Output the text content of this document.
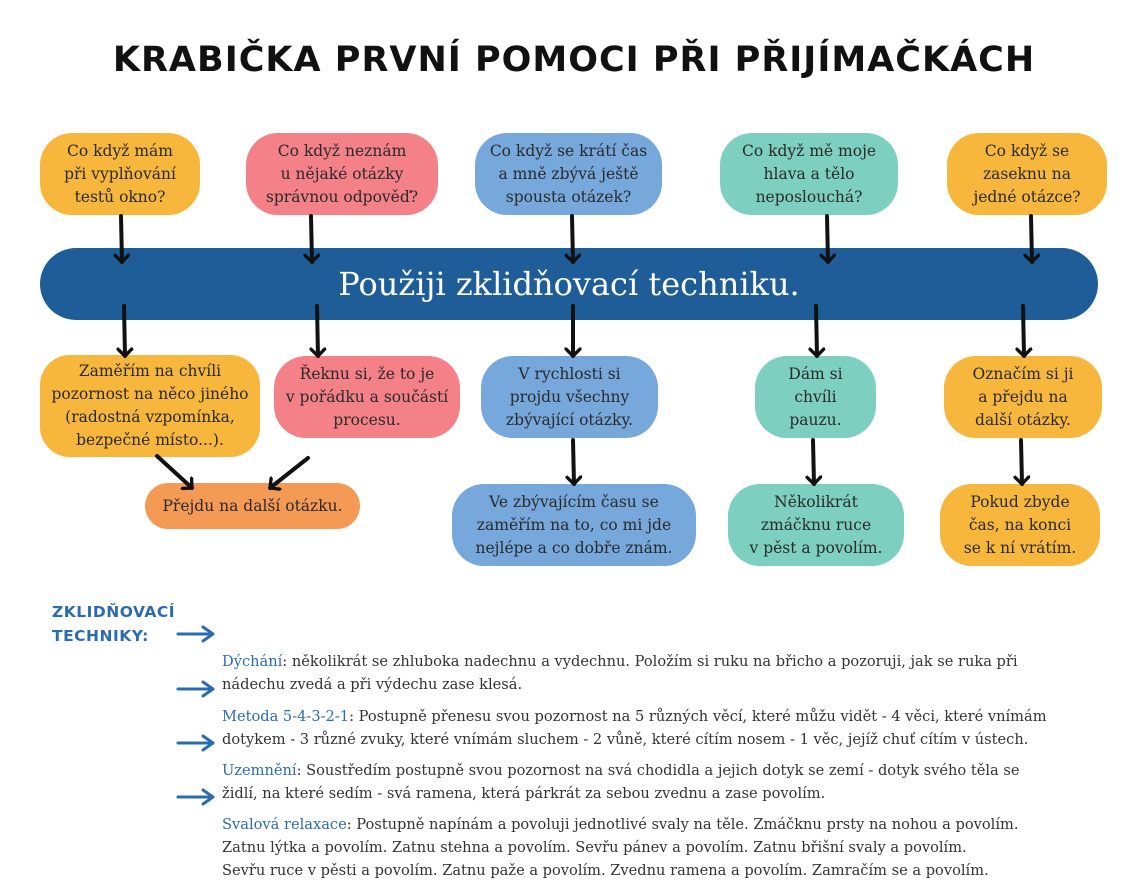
KRABIČKA PRVNÍ POMOCI PŘI PŘIJÍMAČKÁCH
Co když mám
při vyplňování
testů okno?
Co když neznám
u nějaké otázky
správnou odpověď?
Co když se krátí čas
a mně zbývá ještě
spousta otázek?
Co když mě moje
hlava a tělo
neposlouchá?
Co když se
zaseknu na
jedné otázce?
Použiji zklidňovací techniku.
Zaměřím na chvíli
pozornost na něco jiného
(radostná vzpomínka,
bezpečné místo...).
Řeknu si, že to je
v pořádku a součástí
procesu.
V rychlosti si
projdu všechny
zbývající otázky.
Dám si
chvíli
pauzu.
Označím si ji
a přejdu na
další otázky.
Přejdu na další otázku.	Ve zbývajícím času se
zaměřím na to, co mi jde
nejlépe a co dobře znám.
Několikrát
zmáčknu ruce
v pěst a povolím.
Pokud zbyde
čas, na konci
se k ní vrátím.
ZKLIDŇOVACÍ
TECHNIKY:

Dýchání: několikrát se zhluboka nadechnu a vydechnu. Položím si ruku na břicho a pozoruji, jak se ruka při
nádechu zvedá a při výdechu zase klesá.

Metoda 5-4-3-2-1: Postupně přenesu svou pozornost na 5 různých věcí, které můžu vidět - 4 věci, které vnímám
dotykem - 3 různé zvuky, které vnímám sluchem - 2 vůně, které cítím nosem - 1 věc, jejíž chuť cítím v ústech.

Uzemnění: Soustředím postupně svou pozornost na svá chodidla a jejich dotyk se zemí - dotyk svého těla se
židlí, na které sedím - svá ramena, která párkrát za sebou zvednu a zase povolím.

Svalová relaxace: Postupně napínám a povoluji jednotlivé svaly na těle. Zmáčknu prsty na nohou a povolím.
Zatnu lýtka a povolím. Zatnu stehna a povolím. Sevřu pánev a povolím. Zatnu břišní svaly a povolím.
Sevřu ruce v pěsti a povolím. Zatnu paže a povolím. Zvednu ramena a povolím. Zamračím se a povolím.
